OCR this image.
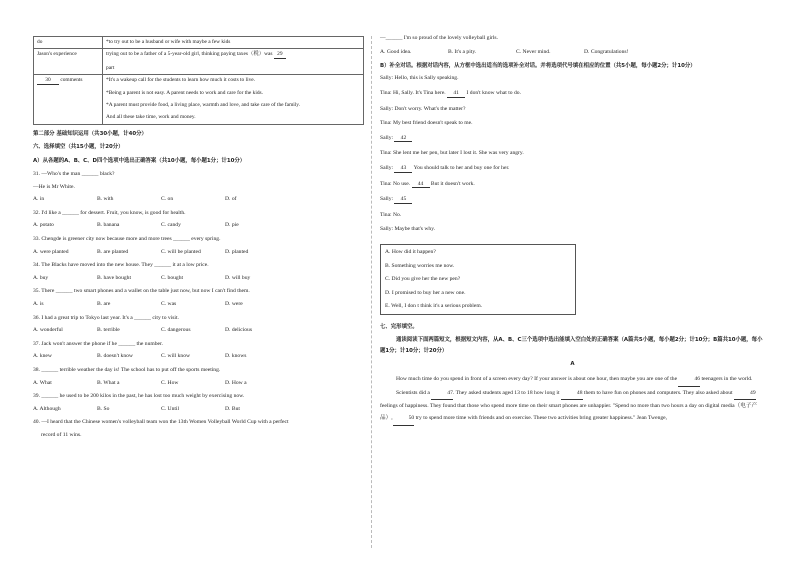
do	*to try out to be a husband or wife with maybe a few kids

Jason's experience	trying out to be a father of a 5-year-old girl, thinking paying taxes（税）was 29
part

30 comments	*It's a wakeup call for the students to learn how much it costs to live.
*Being a parent is not easy. A parent needs to work and care for the kids.
*A parent must provide food, a living place, warmth and love, and take care of the family.
And all these take time, work and money.
第二部分 基础知识运用（共30小题，计40分）
六、选择填空（共15小题，计20分）
A）从各题的A、B、C、D四个选项中选出正确答案（共10小题，每小题1分；计10分）
31. —Who's the man ______ black?
—He is Mr White.
A. in	B. with	C. on	D. of
32. I'd like a ______ for dessert. Fruit, you know, is good for health.
A. potato	B. banana	C. candy	D. pie
33. Chengde is greener city now because more and more trees ______ every spring.
A. were planted	B. are planted	C. will be planted	D. planted
34. The Blacks have moved into the new house. They ______ it at a low price.
A. buy	B. have bought	C. bought	D. will buy
35. There ______ two smart phones and a wallet on the table just now, but now I can't find them.
A. is	B. are	C. was	D. were
36. I had a great trip to Tokyo last year. It's a ______ city to visit.
A. wonderful	B. terrible	C. dangerous	D. delicious
37. Jack won't answer the phone if he ______ the number.
A. knew	B. doesn't know	C. will know	D. knows
38. ______ terrible weather the day is! The school has to put off the sports meeting.
A. What	B. What a	C. How	D. How a
39. ______ he used to be 200 kilos in the past, he has lost too much weight by exercising now.
A. Although	B. So	C. Until	D. But
40. —I heard that the Chinese women's volleyball team won the 13th Women Volleyball World Cup with a perfect
record of 11 wins.
—______ I'm so proud of the lovely volleyball girls.
A. Good idea.	B. It's a pity.	C. Never mind.	D. Congratulations!
B）补全对话。根据对话内容，从方框中选出适当的选项补全对话。并将选项代号填在相应的位置（共5小题，每小题2分；计10分）
Sally: Hello, this is Sally speaking.
Tina: Hi, Sally. It's Tina here. 41 I don't know what to do.
Sally: Don't worry. What's the matter?
Tina: My best friend doesn't speak to me.
Sally: 42
Tina: She lent me her pen, but later I lost it. She was very angry.
Sally: 43 You should talk to her and buy one for her.
Tina: No use. 44 But it doesn't work.
Sally: 45
Tina: No.
Sally: Maybe that's why.
A. How did it happen?
B. Something worries me now.
C. Did you give her the new pen?
D. I promised to buy her a new one.
E. Well, I don t think it's a serious problem.
七、完形填空。
通读阅读下面两篇短文，根据短文内容，从A、B、C三个选项中选出能填入空白处的正确答案（A篇共5小题，每小题2分；计10分；B篇共10小题，每小题1分；计10分；计20分）
A
How much time do you spend in front of a screen every day? If your answer is about one hour, then maybe you are one of the	46 teenagers in the world.
Scientists did a	47. They asked students aged 13 to 18 how long it	48 them to have fun on phones and computers. They also asked about	49 feelings of happiness. They found that those who spend more time on their smart phones are unhappier. "Spend no more than two hours a day on digital media（电子产品）,	50 try to spend more time with friends and on exercise. These two activities bring greater happiness." Jean Twenge,
